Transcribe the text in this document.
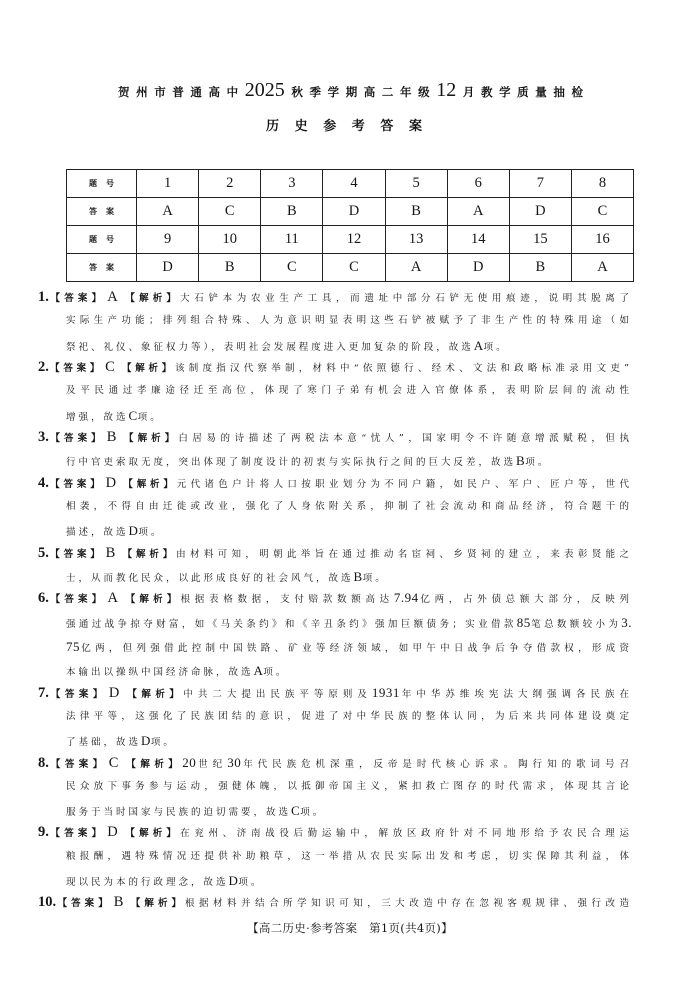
贺州市普通高中2025秋季学期高二年级12月教学质量抽检
历史参考答案
题号	1	2	3	4	5	6	7	8
答案	A	C	B	D	B	A	D	C
题号	9	10	11	12	13	14	15	16
答案	D	B	C	C	A	D	B	A
1.【答案】 A 【解析】大石铲本为农业生产工具，而遗址中部分石铲无使用痕迹，说明其脱离了
实际生产功能；排列组合特殊、人为意识明显表明这些石铲被赋予了非生产性的特殊用途（如
祭祀、礼仪、象征权力等），表明社会发展程度进入更加复杂的阶段，故选A项。
2.【答案】 C 【解析】该制度指汉代察举制，材料中“依照德行、经术、文法和政略标准录用文吏”
及平民通过孝廉途径迁至高位，体现了寒门子弟有机会进入官僚体系，表明阶层间的流动性
增强，故选C项。
3.【答案】 B 【解析】白居易的诗描述了两税法本意“忧人”，国家明令不许随意增派赋税，但执
行中官吏索取无度，突出体现了制度设计的初衷与实际执行之间的巨大反差，故选B项。
4.【答案】 D 【解析】元代诸色户计将人口按职业划分为不同户籍，如民户、军户、匠户等，世代
相袭，不得自由迁徙或改业，强化了人身依附关系，抑制了社会流动和商品经济，符合题干的
描述，故选D项。
5.【答案】 B 【解析】由材料可知，明朝此举旨在通过推动名宦祠、乡贤祠的建立，来表彰贤能之
士，从而教化民众，以此形成良好的社会风气，故选B项。
6.【答案】 A 【解析】根据表格数据，支付赔款数额高达7.94亿两，占外债总额大部分，反映列
强通过战争掠夺财富，如《马关条约》和《辛丑条约》强加巨额债务；实业借款85笔总数额较小为3.
75亿两，但列强借此控制中国铁路、矿业等经济领域，如甲午中日战争后争夺借款权，形成资
本输出以操纵中国经济命脉，故选A项。
7.【答案】 D 【解析】中共二大提出民族平等原则及1931年中华苏维埃宪法大纲强调各民族在
法律平等，这强化了民族团结的意识，促进了对中华民族的整体认同，为后来共同体建设奠定
了基础，故选D项。
8.【答案】 C 【解析】20世纪30年代民族危机深重，反帝是时代核心诉求。陶行知的歌词号召
民众放下事务参与运动，强健体魄，以抵御帝国主义，紧扣救亡图存的时代需求，体现其言论
服务于当时国家与民族的迫切需要，故选C项。
9.【答案】 D 【解析】在兖州、济南战役后勤运输中，解放区政府针对不同地形给予农民合理运
粮报酬，遇特殊情况还提供补助粮草，这一举措从农民实际出发和考虑，切实保障其利益，体
现以民为本的行政理念，故选D项。
10.【答案】 B 【解析】根据材料并结合所学知识可知，三大改造中存在忽视客观规律、强行改造
【高二历史·参考答案　第1页(共4页)】
